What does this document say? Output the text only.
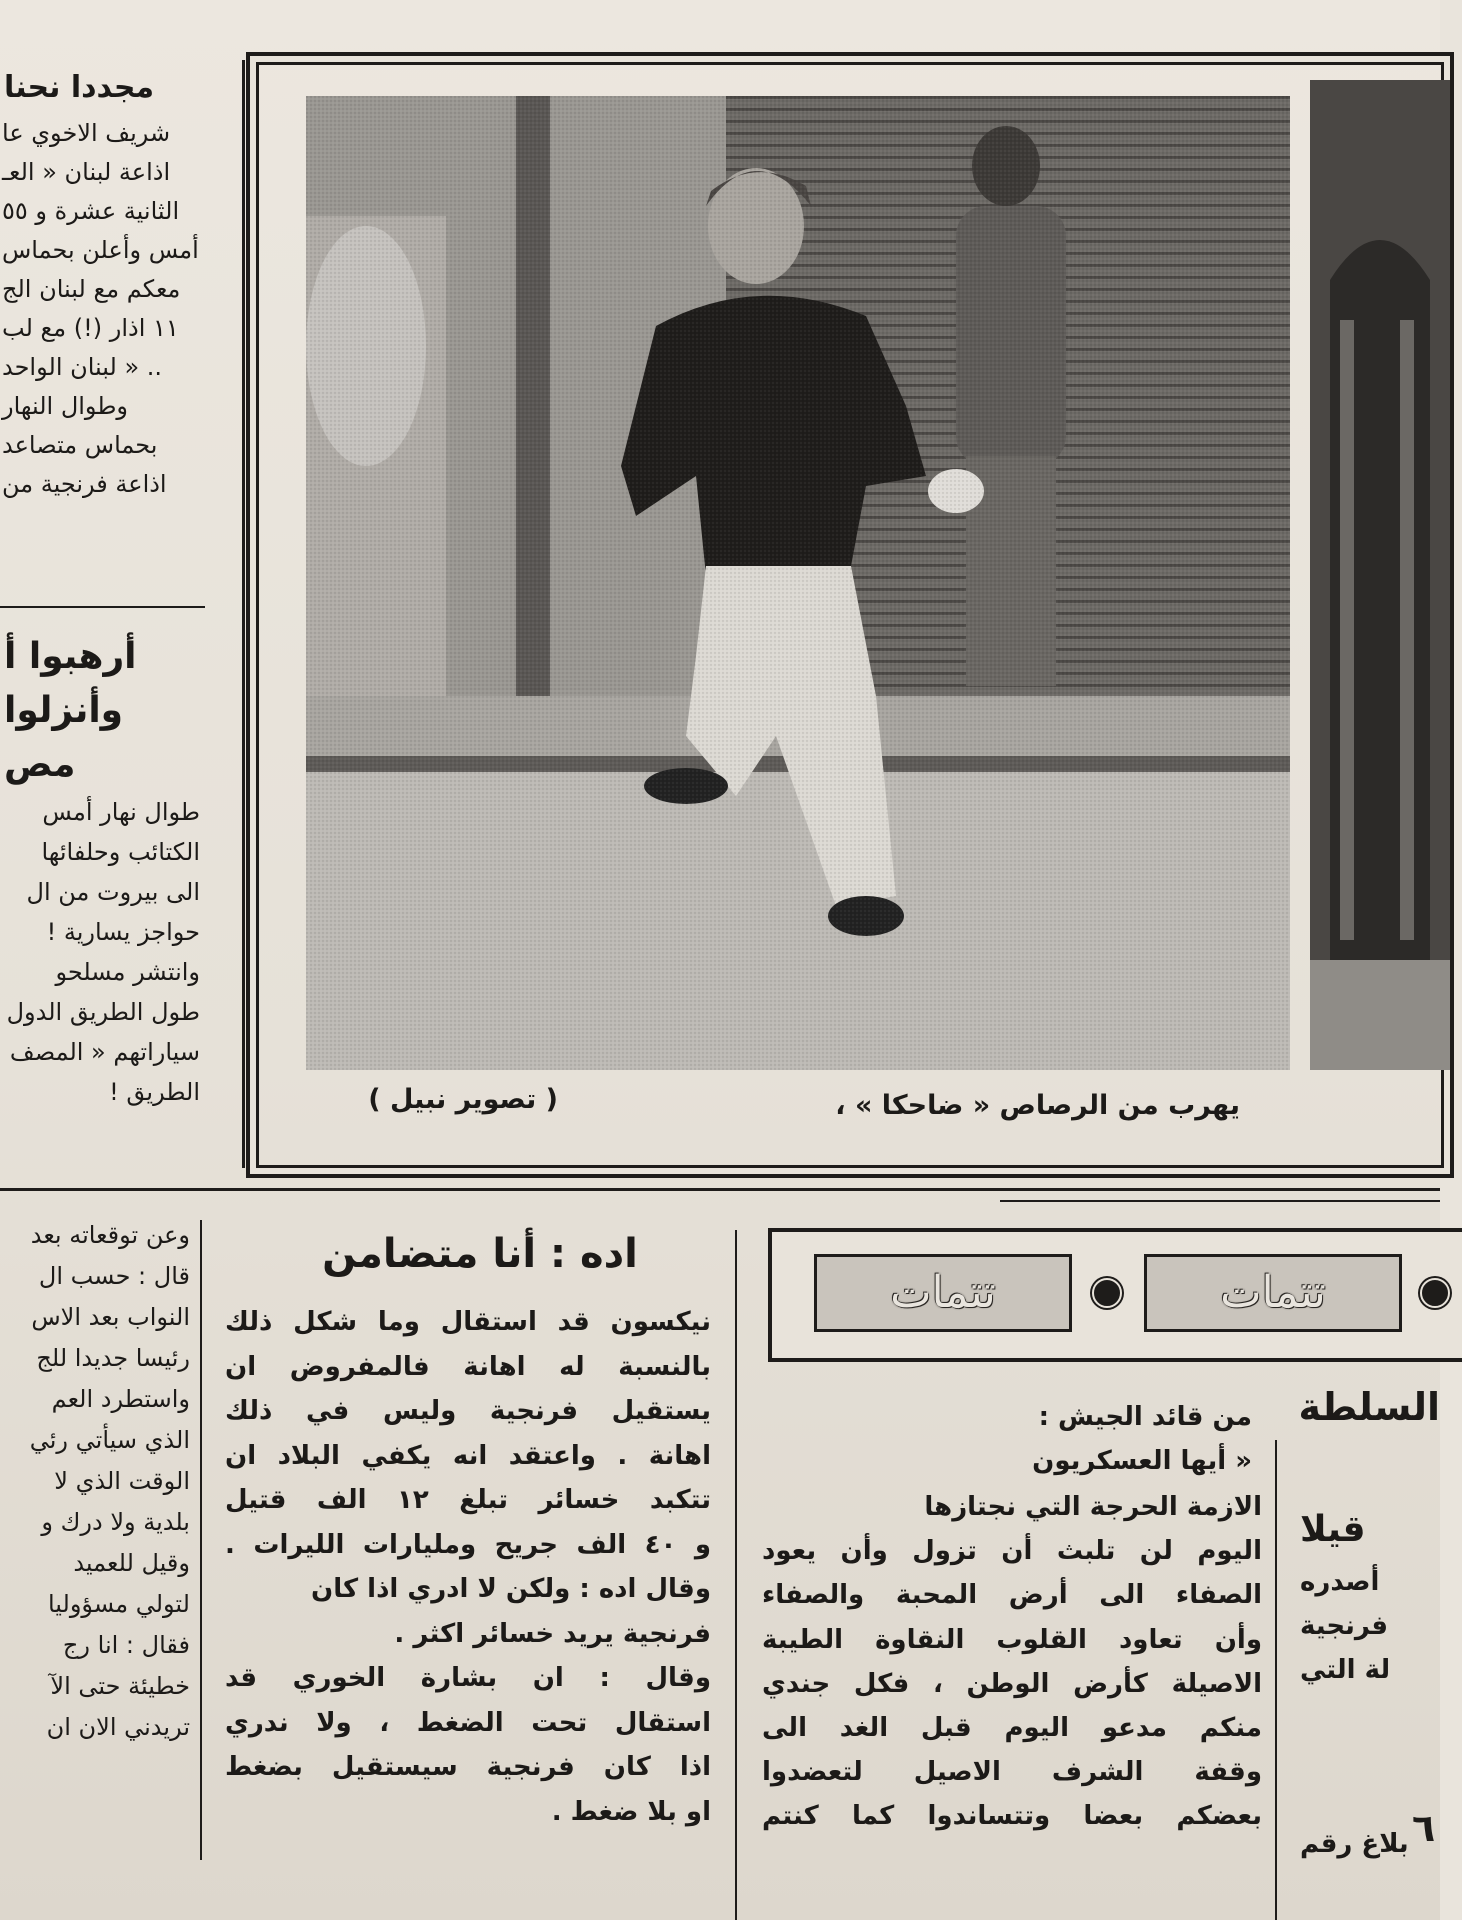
مجددا نحنا

شريف الاخوي عا

اذاعة لبنان « العـ

الثانية عشرة و ٥٥

أمس وأعلن بحماس

معكم مع لبنان الج

١١ اذار (!) مع لب

لبنان الواحد » ..

وطوال النهار

بحماس متصاعد

اذاعة فرنجية من

أرهبوا أ
وأنزلوا مص

طوال نهار أمس

الكتائب وحلفائها

الى بيروت من ال

حواجز يسارية !

وانتشر مسلحو

طول الطريق الدول

سياراتهم « المصف

الطريق !

وعن توقعاته بعد

قال : حسب ال

النواب بعد الاس

رئيسا جديدا للج

واستطرد العم

الذي سيأتي رئي

الوقت الذي لا

بلدية ولا درك و

وقيل للعميد

لتولي مسؤوليا

فقال : انا رج

خطيئة حتى الآ

تريدني الان ان

يهرب من الرصاص « ضاحكا » ،
( تصوير نبيل )
اده : أنا متضامن

نيكسون قد استقال وما شكل ذلك

بالنسبة له اهانة فالمفروض ان

يستقيل فرنجية وليس في ذلك

اهانة . واعتقد انه يكفي البلاد ان

تتكبد خسائر تبلغ ١٢ الف قتيل

و ٤٠ الف جريح ومليارات الليرات .

وقال اده : ولكن لا ادري اذا كان

فرنجية يريد خسائر اكثر .

وقال : ان بشارة الخوري قد

استقال تحت الضغط ، ولا ندري

اذا كان فرنجية سيستقيل بضغط

او بلا ضغط .

تتمات	تتمات
السلطة

من قائد الجيش :

« أيها العسكريون

الازمة الحرجة التي نجتازها

اليوم لن تلبث أن تزول وأن يعود

الصفاء الى أرض المحبة والصفاء

وأن تعاود القلوب النقاوة الطيبة

الاصيلة كأرض الوطن ، فكل جندي

منكم مدعو اليوم قبل الغد الى

وقفة الشرف الاصيل لتعضدوا

بعضكم بعضا وتتساندوا كما كنتم

قيلا

أصدره

فرنجية

لة التي

بلاغ رقم ٦
